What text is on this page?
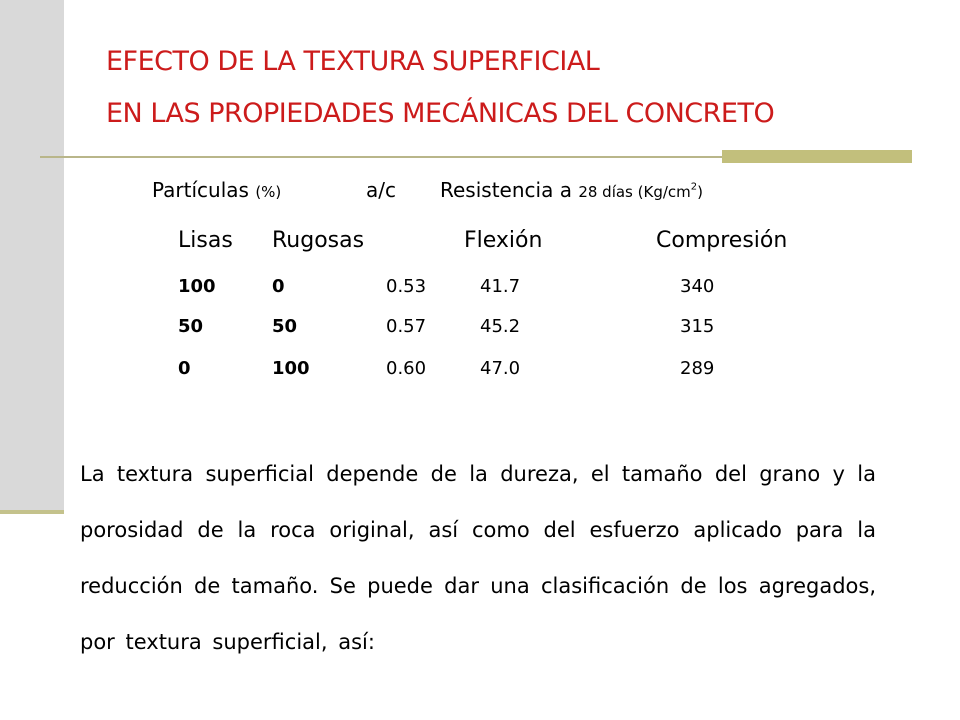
EFECTO DE LA TEXTURA SUPERFICIAL
EN LAS PROPIEDADES MECÁNICAS DEL CONCRETO
Partículas (%)	a/c Resistencia a 28 días $(Kg/cm^2)$
Lisas Rugosas	Flexión	Compresión
100	0	0.53	41.7	340
50	50	0.57	45.2	315
0	100	0.60	47.0	289
La textura superficial depende de la dureza, el tamaño del grano y la porosidad de la roca original, así como del esfuerzo aplicado para la reducción de tamaño. Se puede dar una clasificación de los agregados, por textura superficial, así:
